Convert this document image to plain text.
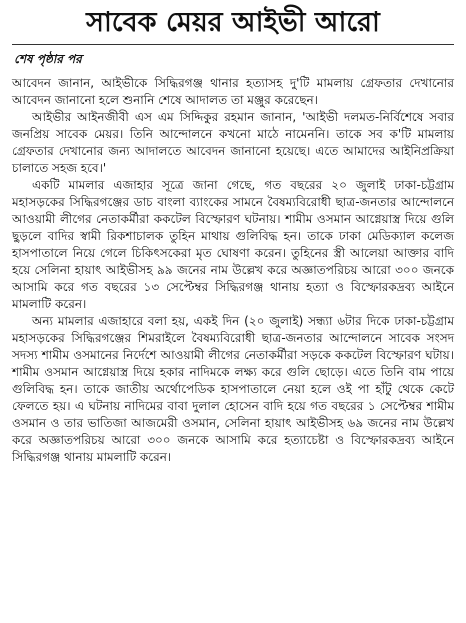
সাবেক মেয়র আইভী আরো
শেষ পৃষ্ঠার পর

আবেদন জানান, আইভীকে সিদ্ধিরগঞ্জ থানার হত্যাসহ দু'টি মামলায় গ্রেফতার দেখানোর আবেদন জানানো হলে শুনানি শেষে আদালত তা মঞ্জুর করেছেন।

আইভীর আইনজীবী এস এম সিদ্দিকুর রহমান জানান, 'আইভী দলমত-নির্বিশেষে সবার জনপ্রিয় সাবেক মেয়র। তিনি আন্দোলনে কখনো মাঠে নামেননি। তাকে সব ক'টি মামলায় গ্রেফতার দেখানোর জন্য আদালতে আবেদন জানানো হয়েছে। এতে আমাদের আইনিপ্রক্রিয়া চালাতে সহজ হবে।'

একটি মামলার এজাহার সূত্রে জানা গেছে, গত বছরের ২০ জুলাই ঢাকা-চট্টগ্রাম মহাসড়কের সিদ্ধিরগঞ্জের ডাচ বাংলা ব্যাংকের সামনে বৈষম্যবিরোধী ছাত্র-জনতার আন্দোলনে আওয়ামী লীগের নেতাকর্মীরা ককটেল বিস্ফোরণ ঘটনায়। শামীম ওসমান আগ্নেয়াস্ত্র দিয়ে গুলি ছুড়লে বাদির স্বামী রিকশাচালক তুহিন মাথায় গুলিবিদ্ধ হন। তাকে ঢাকা মেডিক্যাল কলেজ হাসপাতালে নিয়ে গেলে চিকিৎসকেরা মৃত ঘোষণা করেন। তুহিনের স্ত্রী আলেয়া আক্তার বাদি হয়ে সেলিনা হায়াৎ আইভীসহ ৯৯ জনের নাম উল্লেখ করে অজ্ঞাতপরিচয় আরো ৩০০ জনকে আসামি করে গত বছরের ১৩ সেপ্টেম্বর সিদ্ধিরগঞ্জ থানায় হত্যা ও বিস্ফোরকদ্রব্য আইনে মামলাটি করেন।

অন্য মামলার এজাহারে বলা হয়, একই দিন (২০ জুলাই) সন্ধ্যা ৬টার দিকে ঢাকা-চট্টগ্রাম মহাসড়কের সিদ্ধিরগঞ্জের শিমরাইলে বৈষম্যবিরোধী ছাত্র-জনতার আন্দোলনে সাবেক সংসদ সদস্য শামীম ওসমানের নির্দেশে আওয়ামী লীগের নেতাকর্মীরা সড়কে ককটেল বিস্ফোরণ ঘটায়। শামীম ওসমান আগ্নেয়াস্ত্র দিয়ে হকার নাদিমকে লক্ষ্য করে গুলি ছোড়ে। এতে তিনি বাম পায়ে গুলিবিদ্ধ হন। তাকে জাতীয় অর্থোপেডিক হাসপাতালে নেয়া হলে ওই পা হাঁটু থেকে কেটে ফেলতে হয়। এ ঘটনায় নাদিমের বাবা দুলাল হোসেন বাদি হয়ে গত বছরের ১ সেপ্টেম্বর শামীম ওসমান ও তার ভাতিজা আজমেরী ওসমান, সেলিনা হায়াৎ আইভীসহ ৬৯ জনের নাম উল্লেখ করে অজ্ঞাতপরিচয় আরো ৩০০ জনকে আসামি করে হত্যাচেষ্টা ও বিস্ফোরকদ্রব্য আইনে সিদ্ধিরগঞ্জ থানায় মামলাটি করেন।
